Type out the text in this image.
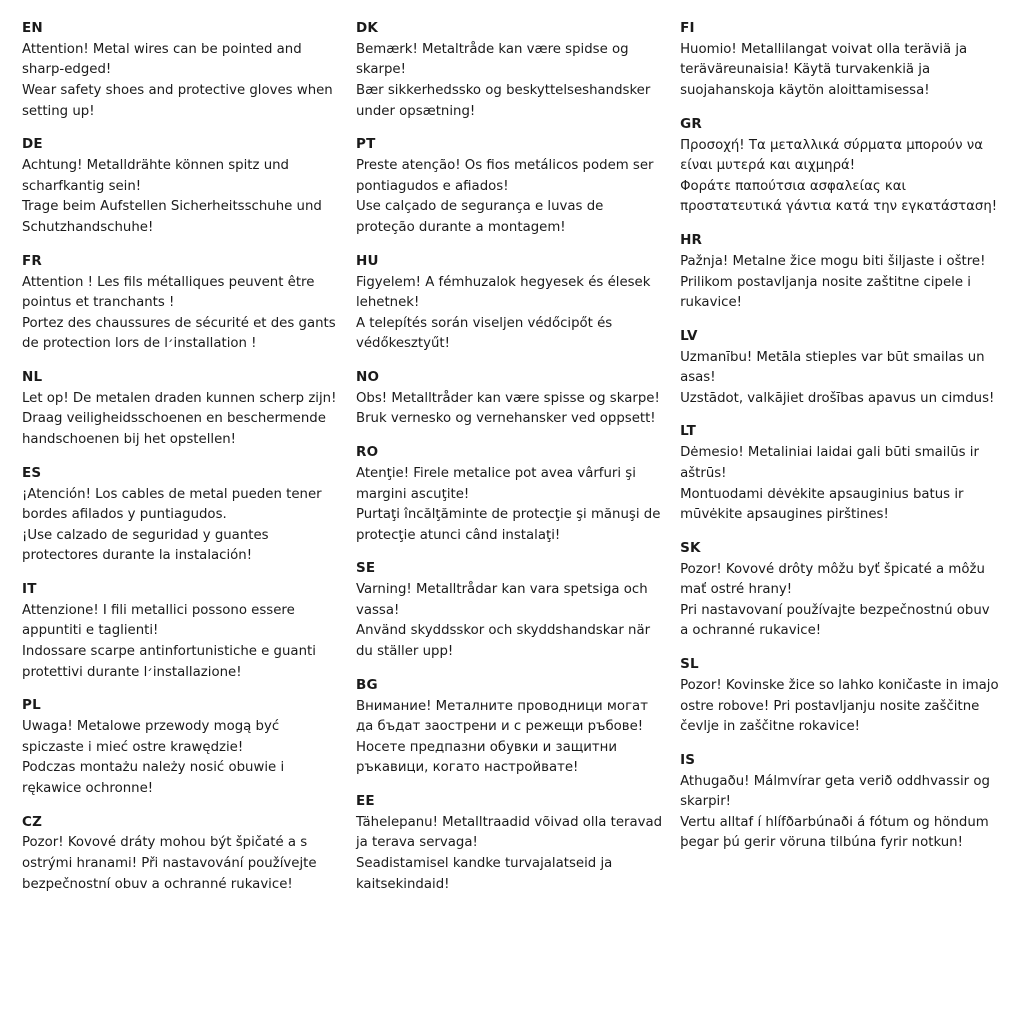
EN
Attention! Metal wires can be pointed and sharp-edged!
Wear safety shoes and protective gloves when setting up!
DE
Achtung! Metalldrähte können spitz und scharfkantig sein!
Trage beim Aufstellen Sicherheitsschuhe und Schutzhandschuhe!
FR
Attention ! Les fils métalliques peuvent être pointus et tranchants !
Portez des chaussures de sécurité et des gants de protection lors de l׳installation !
NL
Let op! De metalen draden kunnen scherp zijn!
Draag veiligheidsschoenen en beschermende handschoenen bij het opstellen!
ES
¡Atención! Los cables de metal pueden tener bordes afilados y puntiagudos.
¡Use calzado de seguridad y guantes protectores durante la instalación!
IT
Attenzione! I fili metallici possono essere appuntiti e taglienti!
Indossare scarpe antinfortunistiche e guanti protettivi durante l׳installazione!
PL
Uwaga! Metalowe przewody mogą być spiczaste i mieć ostre krawędzie!
Podczas montażu należy nosić obuwie i rękawice ochronne!
CZ
Pozor! Kovové dráty mohou být špičaté a s ostrými hranami! Při nastavování používejte bezpečnostní obuv a ochranné rukavice!
DK
Bemærk! Metaltråde kan være spidse og skarpe!
Bær sikkerhedssko og beskyttelseshandsker under opsætning!
PT
Preste atenção! Os fios metálicos podem ser pontiagudos e afiados!
Use calçado de segurança e luvas de proteção durante a montagem!
HU
Figyelem! A fémhuzalok hegyesek és élesek lehetnek!
A telepítés során viseljen védőcipőt és védőkesztyűt!
NO
Obs! Metalltråder kan være spisse og skarpe!
Bruk vernesko og vernehansker ved oppsett!
RO
Atenţie! Firele metalice pot avea vârfuri şi margini ascuţite!
Purtaţi încălţăminte de protecţie şi mănuşi de protecţie atunci când instalaţi!
SE
Varning! Metalltrådar kan vara spetsiga och vassa!
Använd skyddsskor och skyddshandskar när du ställer upp!
BG
Внимание! Металните проводници могат да бъдат заострени и с режещи ръбове!
Носете предпазни обувки и защитни ръкавици, когато настройвате!
EE
Tähelepanu! Metalltraadid võivad olla teravad ja terava servaga!
Seadistamisel kandke turvajalatseid ja kaitsekindaid!
FI
Huomio! Metallilangat voivat olla teräviä ja teräväreunaisia! Käytä turvakenkiä ja suojahanskoja käytön aloittamisessa!
GR
Προσοχή! Τα μεταλλικά σύρματα μπορούν να είναι μυτερά και αιχμηρά!
Φοράτε παπούτσια ασφαλείας και προστατευτικά γάντια κατά την εγκατάσταση!
HR
Pažnja! Metalne žice mogu biti šiljaste i oštre!
Prilikom postavljanja nosite zaštitne cipele i rukavice!
LV
Uzmanību! Metāla stieples var būt smailas un asas!
Uzstādot, valkājiet drošības apavus un cimdus!
LT
Dėmesio! Metaliniai laidai gali būti smailūs ir aštrūs!
Montuodami dėvėkite apsauginius batus ir mūvėkite apsaugines pirštines!
SK
Pozor! Kovové drôty môžu byť špicaté a môžu mať ostré hrany!
Pri nastavovaní používajte bezpečnostnú obuv a ochranné rukavice!
SL
Pozor! Kovinske žice so lahko koničaste in imajo ostre robove! Pri postavljanju nosite zaščitne čevlje in zaščitne rokavice!
IS
Athugaðu! Málmvírar geta verið oddhvassir og skarpir!
Vertu alltaf í hlífðarbúnaði á fótum og höndum þegar þú gerir vöruna tilbúna fyrir notkun!
